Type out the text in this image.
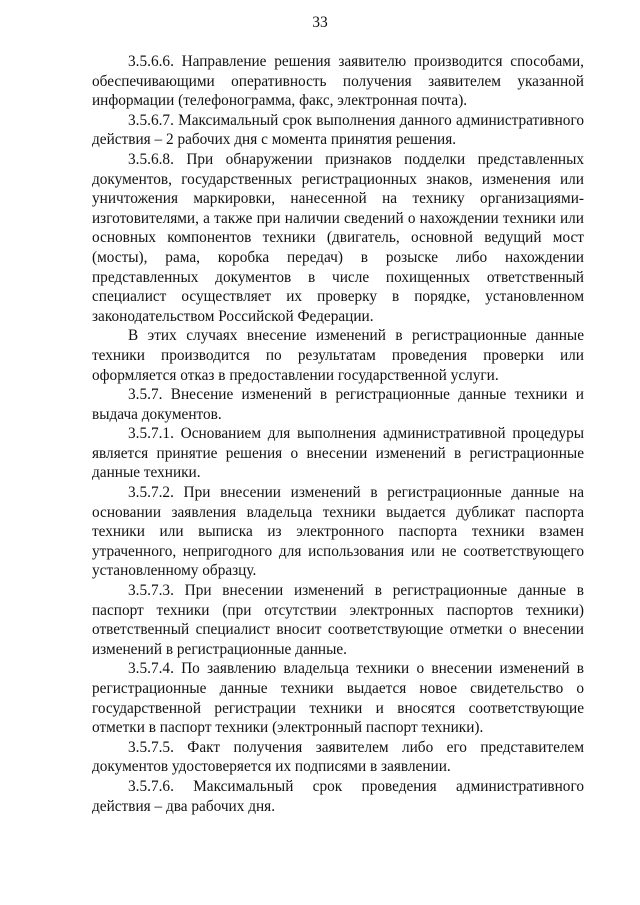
33

3.5.6.6. Направление решения заявителю производится способами, обеспечивающими оперативность получения заявителем указанной информации (телефонограмма, факс, электронная почта).

3.5.6.7. Максимальный срок выполнения данного административного действия – 2 рабочих дня с момента принятия решения.

3.5.6.8. При обнаружении признаков подделки представленных документов, государственных регистрационных знаков, изменения или уничтожения маркировки, нанесенной на технику организациями-изготовителями, а также при наличии сведений о нахождении техники или основных компонентов техники (двигатель, основной ведущий мост (мосты), рама, коробка передач) в розыске либо нахождении представленных документов в числе похищенных ответственный специалист осуществляет их проверку в порядке, установленном законодательством Российской Федерации.

В этих случаях внесение изменений в регистрационные данные техники производится по результатам проведения проверки или оформляется отказ в предоставлении государственной услуги.

3.5.7. Внесение изменений в регистрационные данные техники и выдача документов.

3.5.7.1. Основанием для выполнения административной процедуры является принятие решения о внесении изменений в регистрационные данные техники.

3.5.7.2. При внесении изменений в регистрационные данные на основании заявления владельца техники выдается дубликат паспорта техники или выписка из электронного паспорта техники взамен утраченного, непригодного для использования или не соответствующего установленному образцу.

3.5.7.3. При внесении изменений в регистрационные данные в паспорт техники (при отсутствии электронных паспортов техники) ответственный специалист вносит соответствующие отметки о внесении изменений в регистрационные данные.

3.5.7.4. По заявлению владельца техники о внесении изменений в регистрационные данные техники выдается новое свидетельство о государственной регистрации техники и вносятся соответствующие отметки в паспорт техники (электронный паспорт техники).

3.5.7.5. Факт получения заявителем либо его представителем документов удостоверяется их подписями в заявлении.

3.5.7.6. Максимальный срок проведения административного действия – два рабочих дня.
